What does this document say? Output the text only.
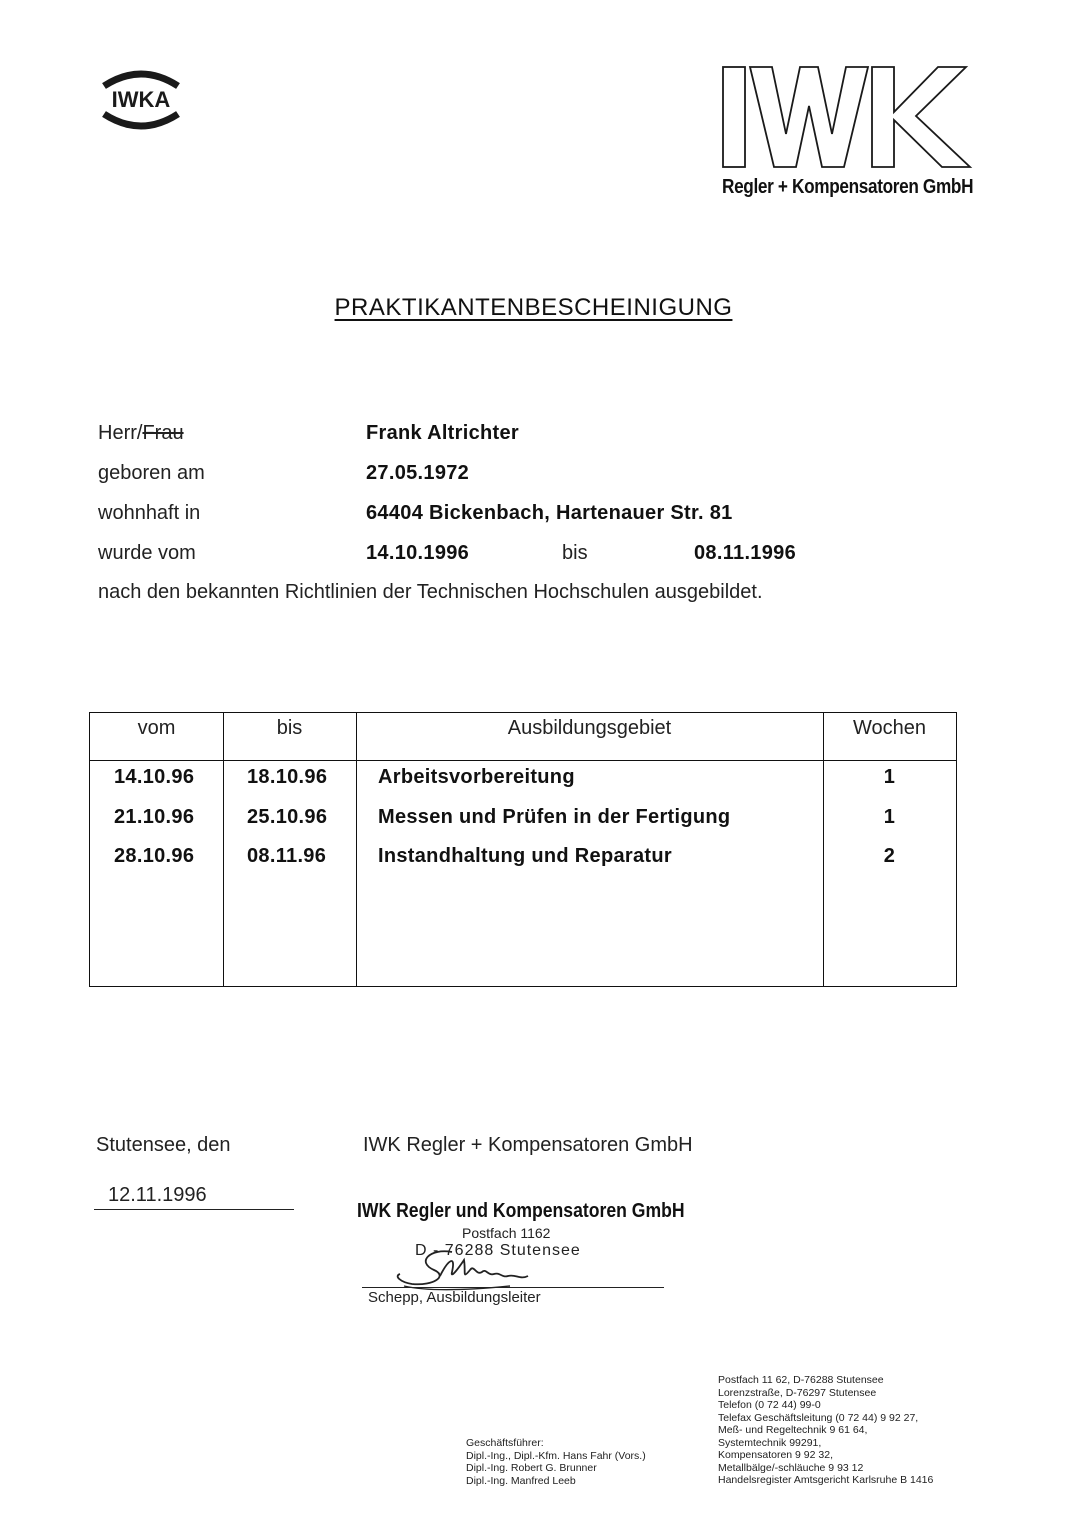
IWKA
IWK
Regler + Kompensatoren GmbH
PRAKTIKANTENBESCHEINIGUNG
Herr/Frau	Frank Altrichter
geboren am	27.05.1972
wohnhaft in	64404 Bickenbach, Hartenauer Str. 81
wurde vom	14.10.1996	bis	08.11.1996
nach den bekannten Richtlinien der Technischen Hochschulen ausgebildet.
vom	bis	Ausbildungsgebiet	Wochen
14.10.96	18.10.96	Arbeitsvorbereitung	1
21.10.96	25.10.96	Messen und Prüfen in der Fertigung	1
28.10.96	08.11.96	Instandhaltung und Reparatur	2
Stutensee, den
12.11.1996
IWK Regler + Kompensatoren GmbH
IWK Regler und Kompensatoren GmbH
Postfach 1162
D - 76288 Stutensee
Schepp, Ausbildungsleiter
Geschäftsführer:
Dipl.-Ing., Dipl.-Kfm. Hans Fahr (Vors.)
Dipl.-Ing. Robert G. Brunner
Dipl.-Ing. Manfred Leeb
Postfach 11 62, D-76288 Stutensee
Lorenzstraße, D-76297 Stutensee
Telefon (0 72 44) 99-0
Telefax Geschäftsleitung (0 72 44) 9 92 27,
Meß- und Regeltechnik 9 61 64,
Systemtechnik 99291,
Kompensatoren 9 92 32,
Metallbälge/-schläuche 9 93 12
Handelsregister Amtsgericht Karlsruhe B 1416
